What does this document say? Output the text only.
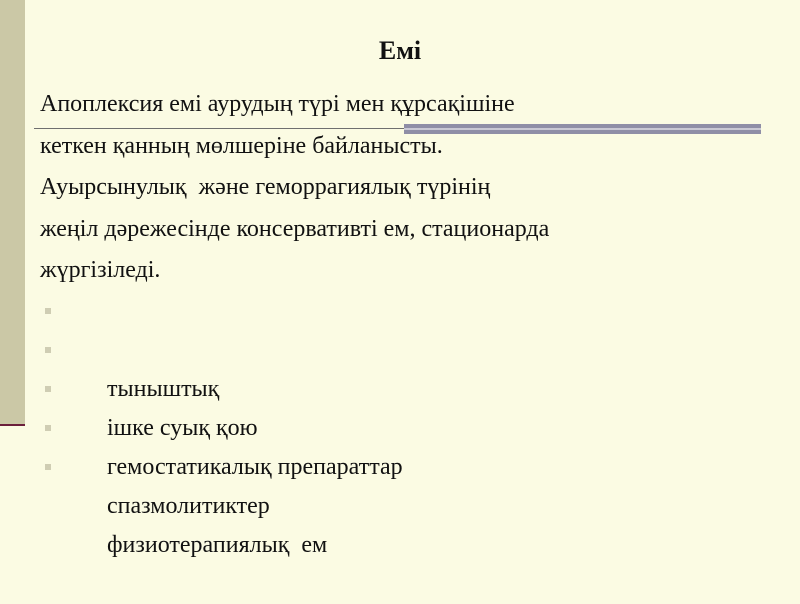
Емі
Апоплексия емі аурудың түрі мен құрсақішіне
кеткен қанның мөлшеріне байланысты.
Ауырсынулық  және геморрагиялық түрінің
жеңіл дәрежесінде консервативті ем, стационарда
жүргізіледі.

тыныштық

ішке суық қою

гемостатикалық препараттар

спазмолитиктер

физиотерапиялық  ем
